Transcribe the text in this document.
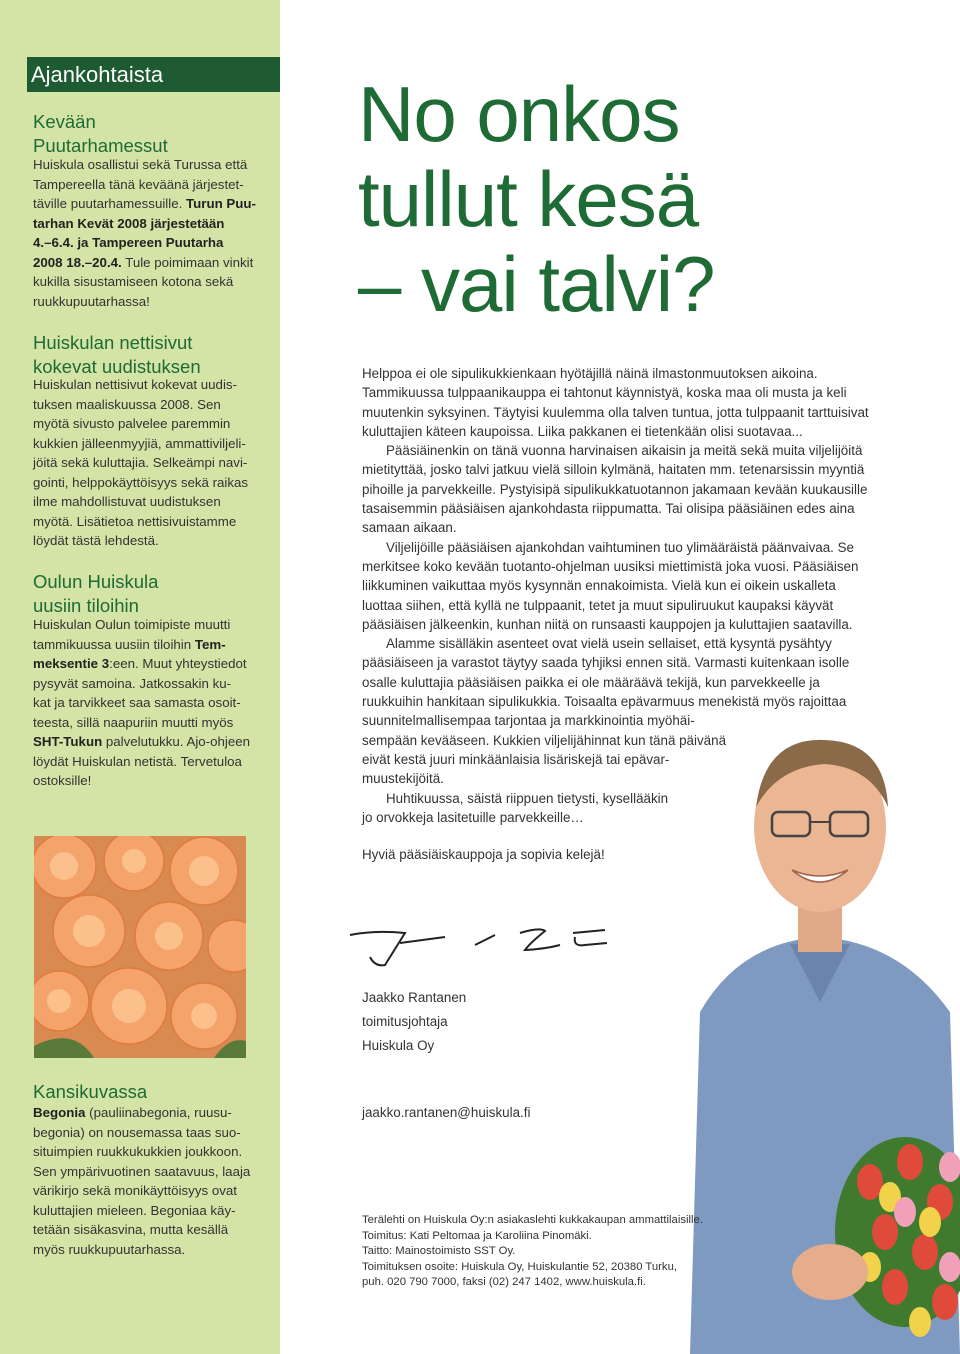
Ajankohtaista
Kevään
Puutarhamessut

Huiskula osallistui sekä Turussa että
Tampereella tänä keväänä järjestet-
täville puutarhamessuille. Turun Puu-
tarhan Kevät 2008 järjestetään
4.–6.4. ja Tampereen Puutarha
2008 18.–20.4. Tule poimimaan vinkit
kukilla sisustamiseen kotona sekä
ruukkupuutarhassa!

Huiskulan nettisivut
kokevat uudistuksen

Huiskulan nettisivut kokevat uudis-
tuksen maaliskuussa 2008. Sen
myötä sivusto palvelee paremmin
kukkien jälleenmyyjiä, ammattiviljeli-
jöitä sekä kuluttajia. Selkeämpi navi-
gointi, helppokäyttöisyys sekä raikas
ilme mahdollistuvat uudistuksen
myötä. Lisätietoa nettisivuistamme
löydät tästä lehdestä.

Oulun Huiskula
uusiin tiloihin

Huiskulan Oulun toimipiste muutti
tammikuussa uusiin tiloihin Tem-
meksentie 3:een. Muut yhteystiedot
pysyvät samoina. Jatkossakin ku-
kat ja tarvikkeet saa samasta osoit-
teesta, sillä naapuriin muutti myös
SHT-Tukun palvelutukku. Ajo-ohjeen
löydät Huiskulan netistä. Tervetuloa
ostoksille!

Kansikuvassa

Begonia (pauliinabegonia, ruusu-
begonia) on nousemassa taas suo-
situimpien ruukkukukkien joukkoon.
Sen ympärivuotinen saatavuus, laaja
värikirjo sekä monikäyttöisyys ovat
kuluttajien mieleen. Begoniaa käy-
tetään sisäkasvina, mutta kesällä
myös ruukkupuutarhassa.

No onkos
tullut kesä
– vai talvi?

Helppoa ei ole sipulikukkienkaan hyötäjillä näinä ilmastonmuutoksen aikoina.

Tammikuussa tulppaanikauppa ei tahtonut käynnistyä, koska maa oli musta ja keli

muutenkin syksyinen. Täytyisi kuulemma olla talven tuntua, jotta tulppaanit tarttuisivat

kuluttajien käteen kaupoissa. Liika pakkanen ei tietenkään olisi suotavaa...

Pääsiäinenkin on tänä vuonna harvinaisen aikaisin ja meitä sekä muita viljelijöitä

mietityttää, josko talvi jatkuu vielä silloin kylmänä, haitaten mm. tetenarsissin myyntiä

pihoille ja parvekkeille. Pystyisipä sipulikukkatuotannon jakamaan kevään kuukausille

tasaisemmin pääsiäisen ajankohdasta riippumatta. Tai olisipa pääsiäinen edes aina

samaan aikaan.

Viljelijöille pääsiäisen ajankohdan vaihtuminen tuo ylimääräistä päänvaivaa. Se

merkitsee koko kevään tuotanto-ohjelman uusiksi miettimistä joka vuosi. Pääsiäisen

liikkuminen vaikuttaa myös kysynnän ennakoimista. Vielä kun ei oikein uskalleta

luottaa siihen, että kyllä ne tulppaanit, tetet ja muut sipuliruukut kaupaksi käyvät

pääsiäisen jälkeenkin, kunhan niitä on runsaasti kauppojen ja kuluttajien saatavilla.

Alamme sisälläkin asenteet ovat vielä usein sellaiset, että kysyntä pysähtyy

pääsiäiseen ja varastot täytyy saada tyhjiksi ennen sitä. Varmasti kuitenkaan isolle

osalle kuluttajia pääsiäisen paikka ei ole määräävä tekijä, kun parvekkeelle ja

ruukkuihin hankitaan sipulikukkia. Toisaalta epävarmuus menekistä myös rajoittaa

suunnitelmallisempaa tarjontaa ja markkinointia myöhäi-

sempään kevääseen. Kukkien viljelijähinnat kun tänä päivänä

eivät kestä juuri minkäänlaisia lisäriskejä tai epävar-

muustekijöitä.

Huhtikuussa, säistä riippuen tietysti, kysellääkin

jo orvokkeja lasitetuille parvekkeille…

Hyviä pääsiäiskauppoja ja sopivia kelejä!
Jaakko Rantanen
toimitusjohtaja
Huiskula Oy
jaakko.rantanen@huiskula.fi
Terälehti on Huiskula Oy:n asiakaslehti kukkakaupan ammattilaisille.
Toimitus: Kati Peltomaa ja Karoliina Pinomäki.
Taitto: Mainostoimisto SST Oy.
Toimituksen osoite: Huiskula Oy, Huiskulantie 52, 20380 Turku,
puh. 020 790 7000, faksi (02) 247 1402, www.huiskula.fi.
